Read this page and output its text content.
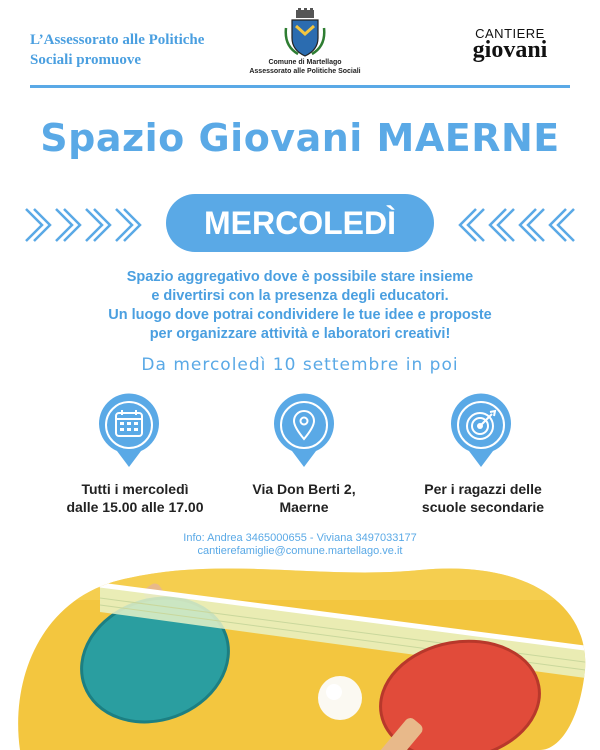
L’Assessorato alle Politiche
Sociali promuove	Comune di Martellago
Assessorato alle Politiche Sociali
CANTIERE
giovani
Spazio Giovani MAERNE
MERCOLEDÌ
Spazio aggregativo dove è possibile stare insieme
e divertirsi con la presenza degli educatori.
Un luogo dove potrai condividere le tue idee e proposte
per organizzare attività e laboratori creativi!
Da mercoledì 10 settembre in poi
Tutti i mercoledì
dalle 15.00 alle 17.00
Via Don Berti 2,
Maerne
Per i ragazzi delle
scuole secondarie
Info: Andrea 3465000655 - Viviana 3497033177
cantierefamiglie@comune.martellago.ve.it
